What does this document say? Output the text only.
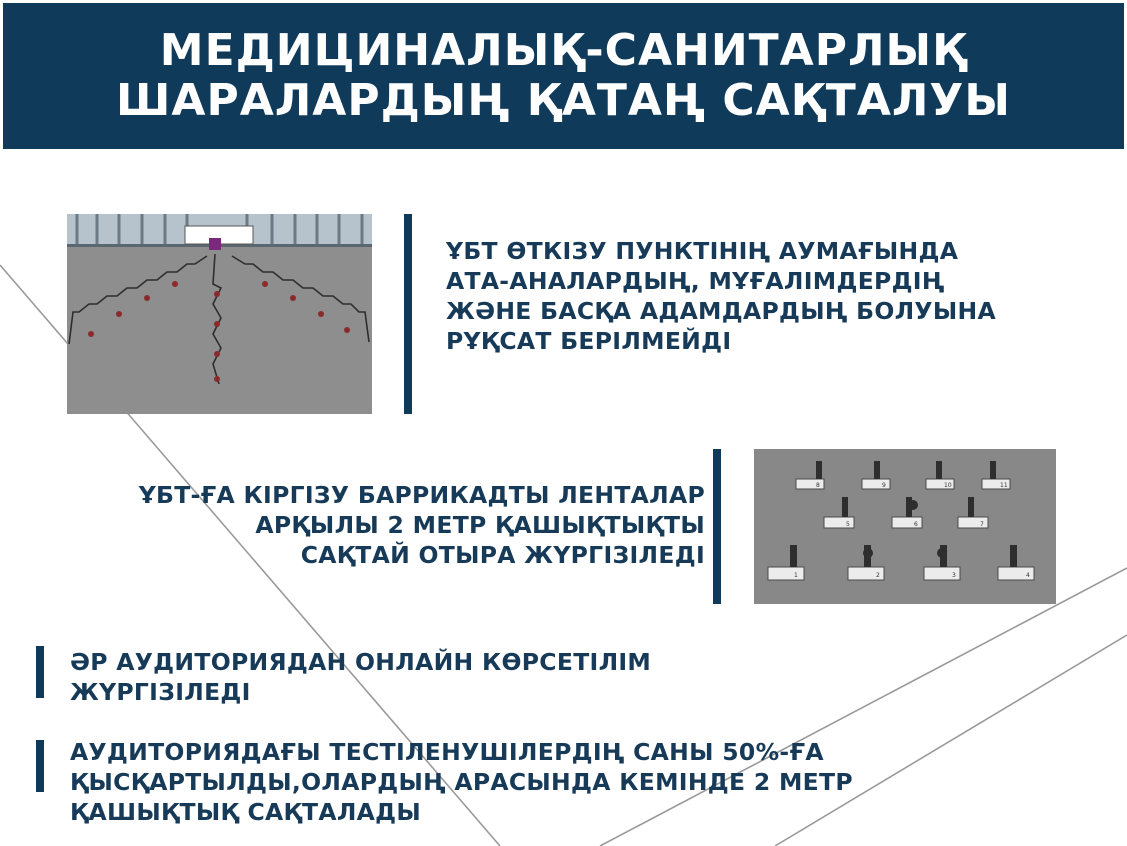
МЕДИЦИНАЛЫҚ-САНИТАРЛЫҚ
ШАРАЛАРДЫҢ ҚАТАҢ САҚТАЛУЫ

ҰБТ ӨТКІЗУ ПУНКТІНІҢ АУМАҒЫНДА
АТА-АНАЛАРДЫҢ, МҰҒАЛІМДЕРДІҢ
ЖӘНЕ БАСҚА АДАМДАРДЫҢ БОЛУЫНА
РҰҚСАТ БЕРІЛМЕЙДІ

ҰБТ-ҒА КІРГІЗУ БАРРИКАДТЫ ЛЕНТАЛАР
АРҚЫЛЫ 2 МЕТР ҚАШЫҚТЫҚТЫ
САҚТАЙ ОТЫРА ЖҮРГІЗІЛЕДІ

8	9	10	11
5	6	7
1	2	3	4

ӘР АУДИТОРИЯДАН ОНЛАЙН КӨРСЕТІЛІМ
ЖҮРГІЗІЛЕДІ

АУДИТОРИЯДАҒЫ ТЕСТІЛЕНУШІЛЕРДІҢ САНЫ 50%-ҒА
ҚЫСҚАРТЫЛДЫ,ОЛАРДЫҢ АРАСЫНДА КЕМІНДЕ 2 МЕТР
ҚАШЫҚТЫҚ САҚТАЛАДЫ
